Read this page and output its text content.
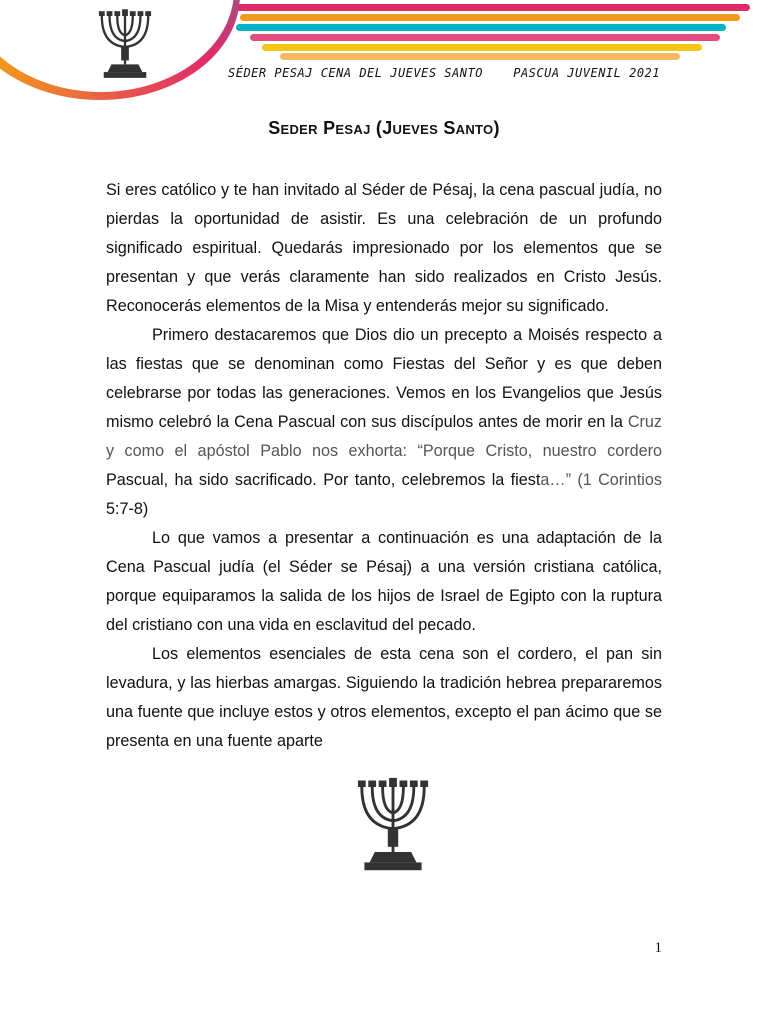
SÉDER PESAJ CENA DEL JUEVES SANTO	PASCUA JUVENIL 2021
Seder Pesaj (Jueves Santo)

Si eres católico y te han invitado al Séder de Pésaj, la cena pascual judía, no pierdas la oportunidad de asistir. Es una celebración de un profundo significado espiritual. Quedarás impresionado por los elementos que se presentan y que verás claramente han sido realizados en Cristo Jesús. Reconocerás elementos de la Misa y entenderás mejor su significado.

Primero destacaremos que Dios dio un precepto a Moisés respecto a las fiestas que se denominan como Fiestas del Señor y es que deben celebrarse por todas las generaciones. Vemos en los Evangelios que Jesús mismo celebró la Cena Pascual con sus discípulos antes de morir en la Cruz y como el apóstol Pablo nos exhorta: “Porque Cristo, nuestro cordero Pascual, ha sido sacrificado. Por tanto, celebremos la fiesta…” (1 Corintios 5:7-8)

Lo que vamos a presentar a continuación es una adaptación de la Cena Pascual judía (el Séder se Pésaj) a una versión cristiana católica, porque equiparamos la salida de los hijos de Israel de Egipto con la ruptura del cristiano con una vida en esclavitud del pecado.

Los elementos esenciales de esta cena son el cordero, el pan sin levadura, y las hierbas amargas. Siguiendo la tradición hebrea prepararemos una fuente que incluye estos y otros elementos, excepto el pan ácimo que se presenta en una fuente aparte

1
